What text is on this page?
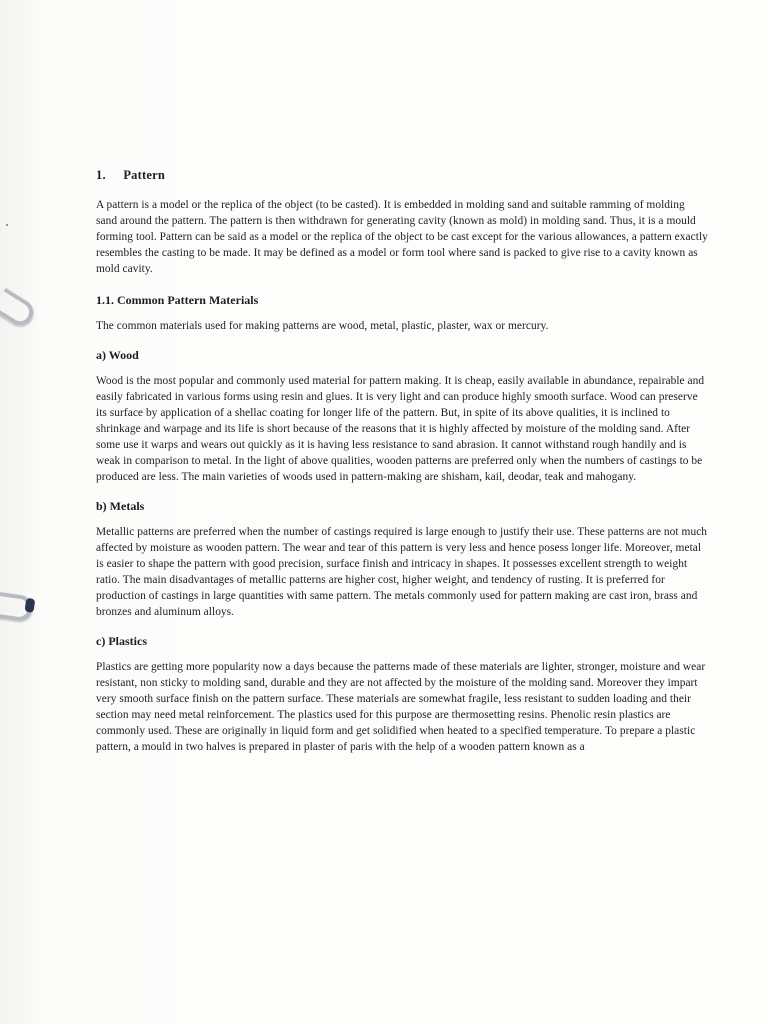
1. Pattern

A pattern is a model or the replica of the object (to be casted). It is embedded in molding sand and suitable ramming of molding sand around the pattern. The pattern is then withdrawn for generating cavity (known as mold) in molding sand. Thus, it is a mould forming tool. Pattern can be said as a model or the replica of the object to be cast except for the various allowances, a pattern exactly resembles the casting to be made. It may be defined as a model or form tool where sand is packed to give rise to a cavity known as mold cavity.

1.1. Common Pattern Materials

The common materials used for making patterns are wood, metal, plastic, plaster, wax or mercury.

a) Wood

Wood is the most popular and commonly used material for pattern making. It is cheap, easily available in abundance, repairable and easily fabricated in various forms using resin and glues. It is very light and can produce highly smooth surface. Wood can preserve its surface by application of a shellac coating for longer life of the pattern. But, in spite of its above qualities, it is inclined to shrinkage and warpage and its life is short because of the reasons that it is highly affected by moisture of the molding sand. After some use it warps and wears out quickly as it is having less resistance to sand abrasion. It cannot withstand rough handily and is weak in comparison to metal. In the light of above qualities, wooden patterns are preferred only when the numbers of castings to be produced are less. The main varieties of woods used in pattern-making are shisham, kail, deodar, teak and mahogany.

b) Metals

Metallic patterns are preferred when the number of castings required is large enough to justify their use. These patterns are not much affected by moisture as wooden pattern. The wear and tear of this pattern is very less and hence posess longer life. Moreover, metal is easier to shape the pattern with good precision, surface finish and intricacy in shapes. It possesses excellent strength to weight ratio. The main disadvantages of metallic patterns are higher cost, higher weight, and tendency of rusting. It is preferred for production of castings in large quantities with same pattern. The metals commonly used for pattern making are cast iron, brass and bronzes and aluminum alloys.

c) Plastics

Plastics are getting more popularity now a days because the patterns made of these materials are lighter, stronger, moisture and wear resistant, non sticky to molding sand, durable and they are not affected by the moisture of the molding sand. Moreover they impart very smooth surface finish on the pattern surface. These materials are somewhat fragile, less resistant to sudden loading and their section may need metal reinforcement. The plastics used for this purpose are thermosetting resins. Phenolic resin plastics are commonly used. These are originally in liquid form and get solidified when heated to a specified temperature. To prepare a plastic pattern, a mould in two halves is prepared in plaster of paris with the help of a wooden pattern known as a
